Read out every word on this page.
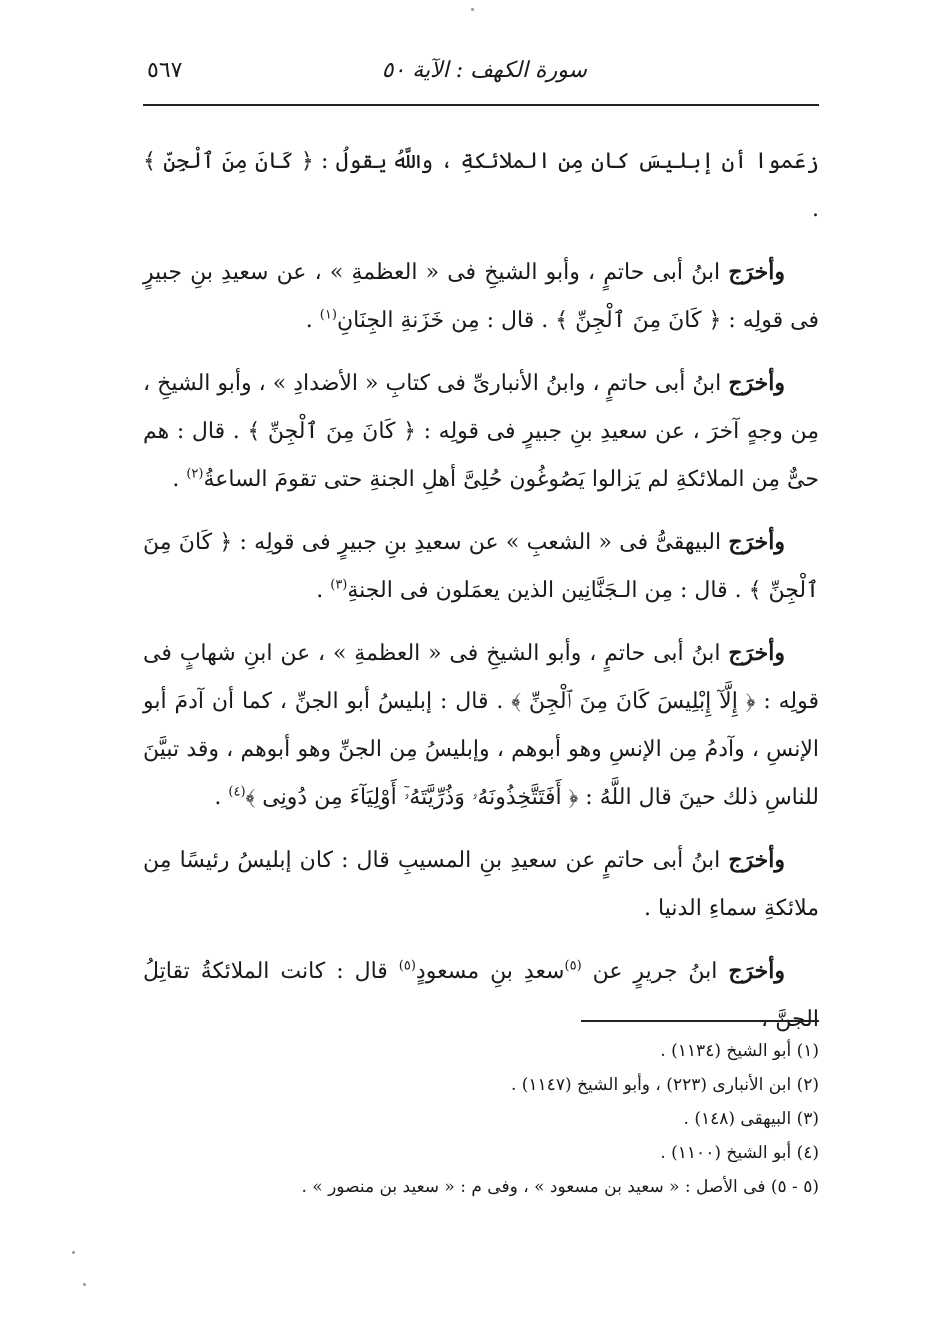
سورة الكهف : الآية ٥٠
٥٦٧

زعَموا أن إبليسَ كان مِن الملائكةِ ، واللَّهُ يقولُ : ﴿ كَانَ مِنَ ٱلْجِنِّ ﴾ .

وأخرَج ابنُ أبى حاتمٍ ، وأبو الشيخِ فى « العظمةِ » ، عن سعيدِ بنِ جبيرٍ فى قولِه : ﴿ كَانَ مِنَ ٱلْجِنِّ ﴾ . قال : مِن خَزَنةِ الجِنَانِ$^{(١)}$ .

وأخرَج ابنُ أبى حاتمٍ ، وابنُ الأنبارىِّ فى كتابِ « الأضدادِ » ، وأبو الشيخِ ، مِن وجهٍ آخرَ ، عن سعيدِ بنِ جبيرٍ فى قولِه : ﴿ كَانَ مِنَ ٱلْجِنِّ ﴾ . قال : هم حىٌّ مِن الملائكةِ لم يَزالوا يَصُوغُون حُلِىَّ أهلِ الجنةِ حتى تقومَ الساعةُ$^{(٢)}$ .

وأخرَج البيهقىُّ فى « الشعبِ » عن سعيدِ بنِ جبيرٍ فى قولِه : ﴿ كَانَ مِنَ ٱلْجِنِّ ﴾ . قال : مِن الـجَنَّانِين الذين يعمَلون فى الجنةِ$^{(٣)}$ .

وأخرَج ابنُ أبى حاتمٍ ، وأبو الشيخِ فى « العظمةِ » ، عن ابنِ شهابٍ فى قولِه : ﴿ إِلَّآ إِبْلِيسَ كَانَ مِنَ ٱلْجِنِّ ﴾ . قال : إبليسُ أبو الجنِّ ، كما أن آدمَ أبو الإنسِ ، وآدمُ مِن الإنسِ وهو أبوهم ، وإبليسُ مِن الجنِّ وهو أبوهم ، وقد تبيَّنَ للناسِ ذلك حينَ قال اللَّهُ : ﴿ أَفَتَتَّخِذُونَهُۥ وَذُرِّيَّتَهُۥٓ أَوْلِيَآءَ مِن دُونِى ﴾$^{(٤)}$ .

وأخرَج ابنُ أبى حاتمٍ عن سعيدِ بنِ المسيبِ قال : كان إبليسُ رئيسًا مِن ملائكةِ سماءِ الدنيا .

وأخرَج ابنُ جريرٍ عن $^{(٥)}$سعدِ بنِ مسعودٍ$^{(٥)}$ قال : كانت الملائكةُ تقاتِلُ الجنَّ ،

(١) أبو الشيخ (١١٣٤) .

(٢) ابن الأنبارى (٢٢٣) ، وأبو الشيخ (١١٤٧) .

(٣) البيهقى (١٤٨) .

(٤) أبو الشيخ (١١٠٠) .

(٥ - ٥) فى الأصل : « سعيد بن مسعود » ، وفى م : « سعيد بن منصور » .
